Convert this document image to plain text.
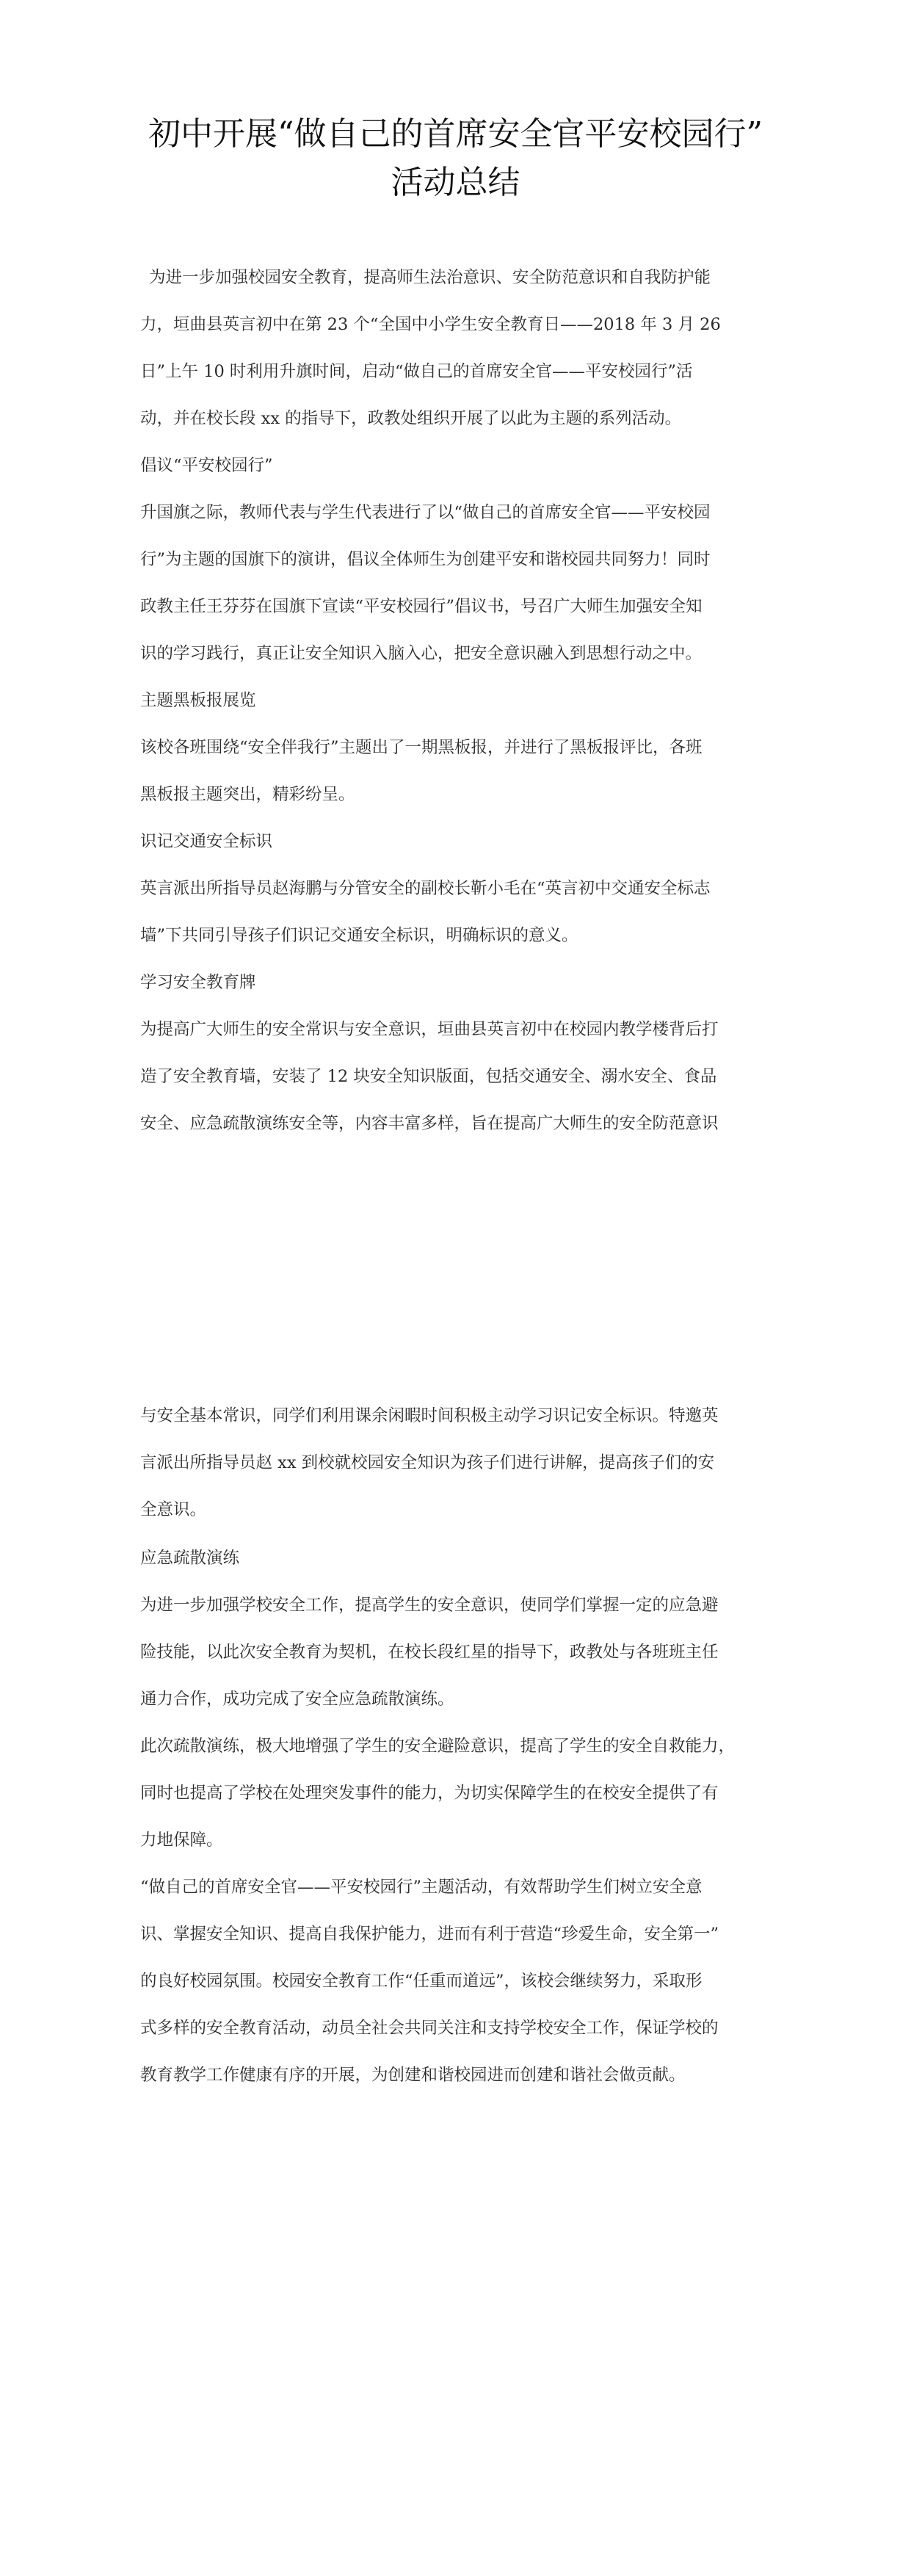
初中开展“做自己的首席安全官平安校园行”
活动总结
为进一步加强校园安全教育，提高师生法治意识、安全防范意识和自我防护能
力，垣曲县英言初中在第 23 个“全国中小学生安全教育日——2018 年 3 月 26
日”上午 10 时利用升旗时间，启动“做自己的首席安全官——平安校园行”活
动，并在校长段 xx 的指导下，政教处组织开展了以此为主题的系列活动。
倡议“平安校园行”
升国旗之际，教师代表与学生代表进行了以“做自己的首席安全官——平安校园
行”为主题的国旗下的演讲，倡议全体师生为创建平安和谐校园共同努力！同时
政教主任王芬芬在国旗下宣读“平安校园行”倡议书，号召广大师生加强安全知
识的学习践行，真正让安全知识入脑入心，把安全意识融入到思想行动之中。
主题黑板报展览
该校各班围绕“安全伴我行”主题出了一期黑板报，并进行了黑板报评比，各班
黑板报主题突出，精彩纷呈。
识记交通安全标识
英言派出所指导员赵海鹏与分管安全的副校长靳小毛在“英言初中交通安全标志
墙”下共同引导孩子们识记交通安全标识，明确标识的意义。
学习安全教育牌
为提高广大师生的安全常识与安全意识，垣曲县英言初中在校园内教学楼背后打
造了安全教育墙，安装了 12 块安全知识版面，包括交通安全、溺水安全、食品
安全、应急疏散演练安全等，内容丰富多样，旨在提高广大师生的安全防范意识
与安全基本常识，同学们利用课余闲暇时间积极主动学习识记安全标识。特邀英
言派出所指导员赵 xx 到校就校园安全知识为孩子们进行讲解，提高孩子们的安
全意识。
应急疏散演练
为进一步加强学校安全工作，提高学生的安全意识，使同学们掌握一定的应急避
险技能，以此次安全教育为契机，在校长段红星的指导下，政教处与各班班主任
通力合作，成功完成了安全应急疏散演练。
此次疏散演练，极大地增强了学生的安全避险意识，提高了学生的安全自救能力，
同时也提高了学校在处理突发事件的能力，为切实保障学生的在校安全提供了有
力地保障。
“做自己的首席安全官——平安校园行”主题活动，有效帮助学生们树立安全意
识、掌握安全知识、提高自我保护能力，进而有利于营造“珍爱生命，安全第一”
的良好校园氛围。校园安全教育工作“任重而道远”，该校会继续努力，采取形
式多样的安全教育活动，动员全社会共同关注和支持学校安全工作，保证学校的
教育教学工作健康有序的开展，为创建和谐校园进而创建和谐社会做贡献。
